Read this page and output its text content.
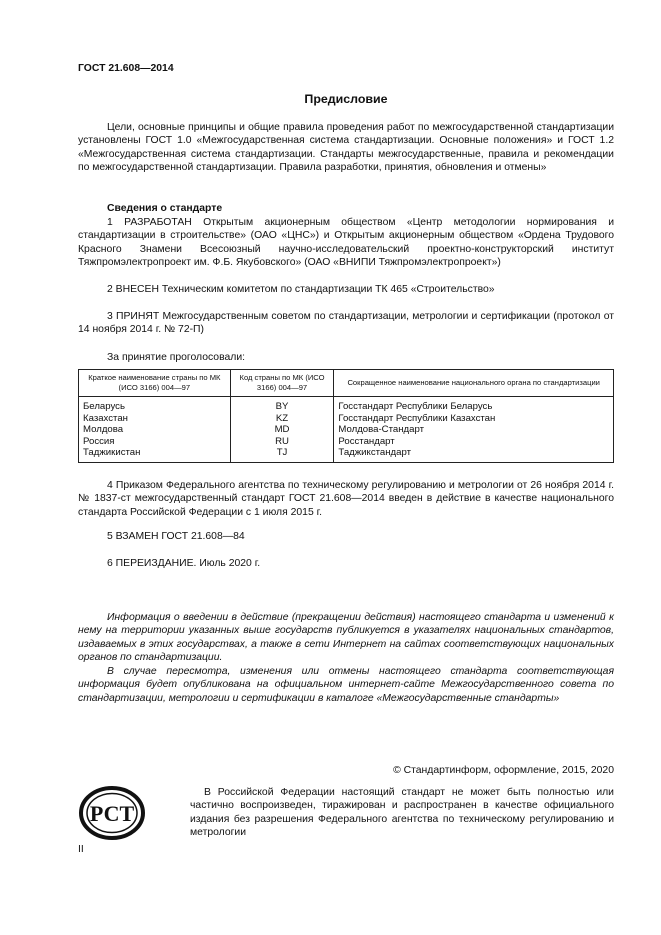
ГОСТ 21.608—2014
Предисловие

Цели, основные принципы и общие правила проведения работ по межгосударственной стандартизации установлены ГОСТ 1.0 «Межгосударственная система стандартизации. Основные положения» и ГОСТ 1.2 «Межгосударственная система стандартизации. Стандарты межгосударственные, правила и рекомендации по межгосударственной стандартизации. Правила разработки, принятия, обновления и отмены»

Сведения о стандарте

1 РАЗРАБОТАН Открытым акционерным обществом «Центр методологии нормирования и стандартизации в строительстве» (ОАО «ЦНС») и Открытым акционерным обществом «Ордена Трудового Красного Знамени Всесоюзный научно-исследовательский проектно-конструкторский институт Тяжпромэлектропроект им. Ф.Б. Якубовского» (ОАО «ВНИПИ Тяжпромэлектропроект»)

2 ВНЕСЕН Техническим комитетом по стандартизации ТК 465 «Строительство»

3 ПРИНЯТ Межгосударственным советом по стандартизации, метрологии и сертификации (протокол от 14 ноября 2014 г. № 72-П)

За принятие проголосовали:

Краткое наименование страны по МК (ИСО 3166) 004—97	Код страны по МК (ИСО 3166) 004—97	Сокращенное наименование национального органа по стандартизации
Беларусь	BY	Госстандарт Республики Беларусь
Казахстан	KZ	Госстандарт Республики Казахстан
Молдова	MD	Молдова-Стандарт
Россия	RU	Росстандарт
Таджикистан	TJ	Таджикстандарт

4 Приказом Федерального агентства по техническому регулированию и метрологии от 26 ноября 2014 г. № 1837-ст межгосударственный стандарт ГОСТ 21.608—2014 введен в действие в качестве национального стандарта Российской Федерации с 1 июля 2015 г.

5 ВЗАМЕН ГОСТ 21.608—84

6 ПЕРЕИЗДАНИЕ. Июль 2020 г.

Информация о введении в действие (прекращении действия) настоящего стандарта и изменений к нему на территории указанных выше государств публикуется в указателях национальных стандартов, издаваемых в этих государствах, а также в сети Интернет на сайтах соответствующих национальных органов по стандартизации.

В случае пересмотра, изменения или отмены настоящего стандарта соответствующая информация будет опубликована на официальном интернет-сайте Межгосударственного совета по стандартизации, метрологии и сертификации в каталоге «Межгосударственные стандарты»

© Стандартинформ, оформление, 2015, 2020
РСТ

В Российской Федерации настоящий стандарт не может быть полностью или частично воспроизведен, тиражирован и распространен в качестве официального издания без разрешения Федерального агентства по техническому регулированию и метрологии

II
